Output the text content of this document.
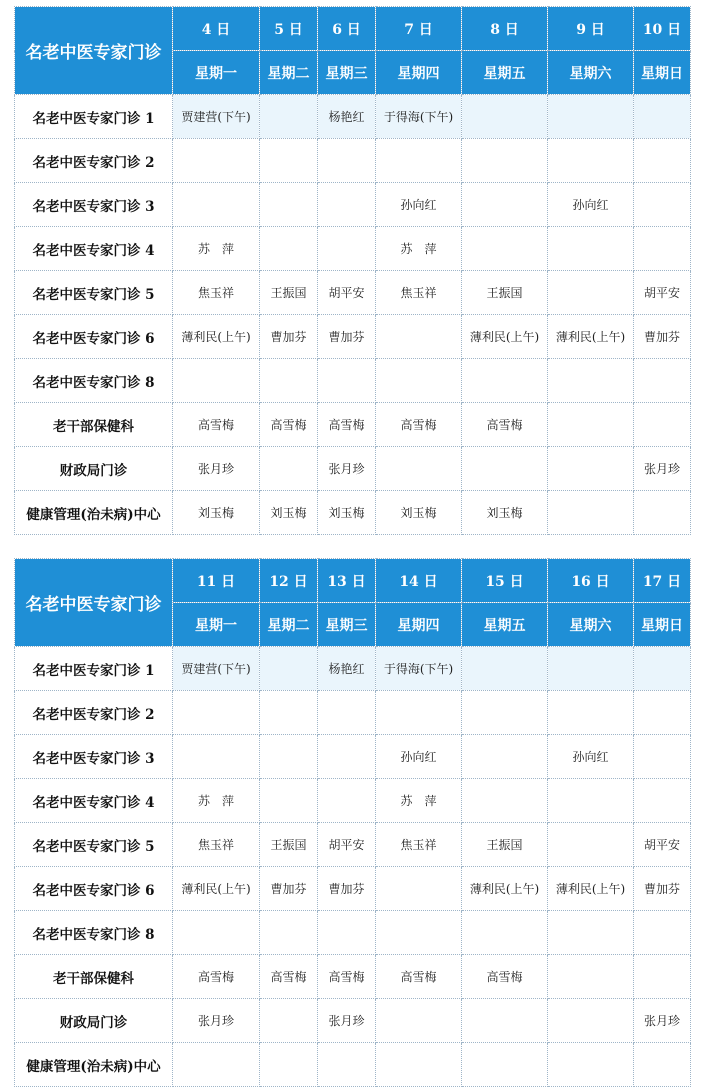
名老中医专家门诊	4 日	5 日	6 日	7 日	8 日	9 日	10 日
	星期一	星期二	星期三	星期四	星期五	星期六	星期日
名老中医专家门诊 1	贾建营(下午)		杨艳红	于得海(下午)			
名老中医专家门诊 2							
名老中医专家门诊 3				孙向红		孙向红	
名老中医专家门诊 4	苏　萍			苏　萍			
名老中医专家门诊 5	焦玉祥	王振国	胡平安	焦玉祥	王振国		胡平安
名老中医专家门诊 6	薄利民(上午)	曹加芬	曹加芬		薄利民(上午)	薄利民(上午)	曹加芬
名老中医专家门诊 8							
老干部保健科	高雪梅	高雪梅	高雪梅	高雪梅	高雪梅		
财政局门诊	张月珍		张月珍				张月珍
健康管理(治未病)中心	刘玉梅	刘玉梅	刘玉梅	刘玉梅	刘玉梅		
名老中医专家门诊	11 日	12 日	13 日	14 日	15 日	16 日	17 日
	星期一	星期二	星期三	星期四	星期五	星期六	星期日
名老中医专家门诊 1	贾建营(下午)		杨艳红	于得海(下午)			
名老中医专家门诊 2							
名老中医专家门诊 3				孙向红		孙向红	
名老中医专家门诊 4	苏　萍			苏　萍			
名老中医专家门诊 5	焦玉祥	王振国	胡平安	焦玉祥	王振国		胡平安
名老中医专家门诊 6	薄利民(上午)	曹加芬	曹加芬		薄利民(上午)	薄利民(上午)	曹加芬
名老中医专家门诊 8							
老干部保健科	高雪梅	高雪梅	高雪梅	高雪梅	高雪梅		
财政局门诊	张月珍		张月珍				张月珍
健康管理(治未病)中心							
